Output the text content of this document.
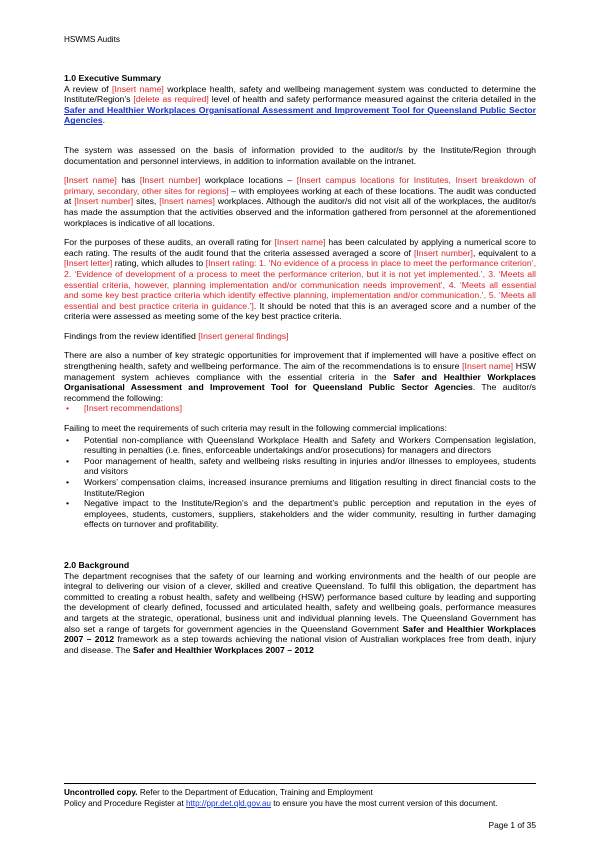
HSWMS Audits
1.0 Executive Summary

A review of [Insert name] workplace health, safety and wellbeing management system was conducted to determine the Institute/Region’s [delete as required] level of health and safety performance measured against the criteria detailed in the Safer and Healthier Workplaces Organisational Assessment and Improvement Tool for Queensland Public Sector Agencies.

The system was assessed on the basis of information provided to the auditor/s by the Institute/Region through documentation and personnel interviews, in addition to information available on the intranet.

[Insert name] has [Insert number] workplace locations – [Insert campus locations for Institutes, Insert breakdown of primary, secondary, other sites for regions] – with employees working at each of these locations. The audit was conducted at [Insert number] sites, [Insert names] workplaces. Although the auditor/s did not visit all of the workplaces, the auditor/s has made the assumption that the activities observed and the information gathered from personnel at the aforementioned workplaces is indicative of all locations.

For the purposes of these audits, an overall rating for [Insert name] has been calculated by applying a numerical score to each rating. The results of the audit found that the criteria assessed averaged a score of [Insert number], equivalent to a [Insert letter] rating, which alludes to [Insert rating: 1. ‘No evidence of a process in place to meet the performance criterion’, 2. ‘Evidence of development of a process to meet the performance criterion, but it is not yet implemented.’, 3. ‘Meets all essential criteria, however, planning implementation and/or communication needs improvement’, 4. ‘Meets all essential and some key best practice criteria which identify effective planning, implementation and/or communication.’, 5. ‘Meets all essential and best practice criteria in guidance.’]. It should be noted that this is an averaged score and a number of the criteria were assessed as meeting some of the key best practice criteria.

Findings from the review identified [Insert general findings]

There are also a number of key strategic opportunities for improvement that if implemented will have a positive effect on strengthening health, safety and wellbeing performance. The aim of the recommendations is to ensure [Insert name] HSW management system achieves compliance with the essential criteria in the Safer and Healthier Workplaces Organisational Assessment and Improvement Tool for Queensland Public Sector Agencies. The auditor/s recommend the following:

• [Insert recommendations]

Failing to meet the requirements of such criteria may result in the following commercial implications:

• Potential non-compliance with Queensland Workplace Health and Safety and Workers Compensation legislation, resulting in penalties (i.e. fines, enforceable undertakings and/or prosecutions) for managers and directors
• Poor management of health, safety and wellbeing risks resulting in injuries and/or illnesses to employees, students and visitors
• Workers’ compensation claims, increased insurance premiums and litigation resulting in direct financial costs to the Institute/Region
• Negative impact to the Institute/Region’s and the department’s public perception and reputation in the eyes of employees, students, customers, suppliers, stakeholders and the wider community, resulting in further damaging effects on turnover and profitability.
2.0 Background

The department recognises that the safety of our learning and working environments and the health of our people are integral to delivering our vision of a clever, skilled and creative Queensland. To fulfil this obligation, the department has committed to creating a robust health, safety and wellbeing (HSW) performance based culture by leading and supporting the development of clearly defined, focussed and articulated health, safety and wellbeing goals, performance measures and targets at the strategic, operational, business unit and individual planning levels. The Queensland Government has also set a range of targets for government agencies in the Queensland Government Safer and Healthier Workplaces 2007 – 2012 framework as a step towards achieving the national vision of Australian workplaces free from death, injury and disease. The Safer and Healthier Workplaces 2007 – 2012

Uncontrolled copy. Refer to the Department of Education, Training and Employment
Policy and Procedure Register at http://ppr.det.qld.gov.au to ensure you have the most current version of this document.
Page 1 of 35
